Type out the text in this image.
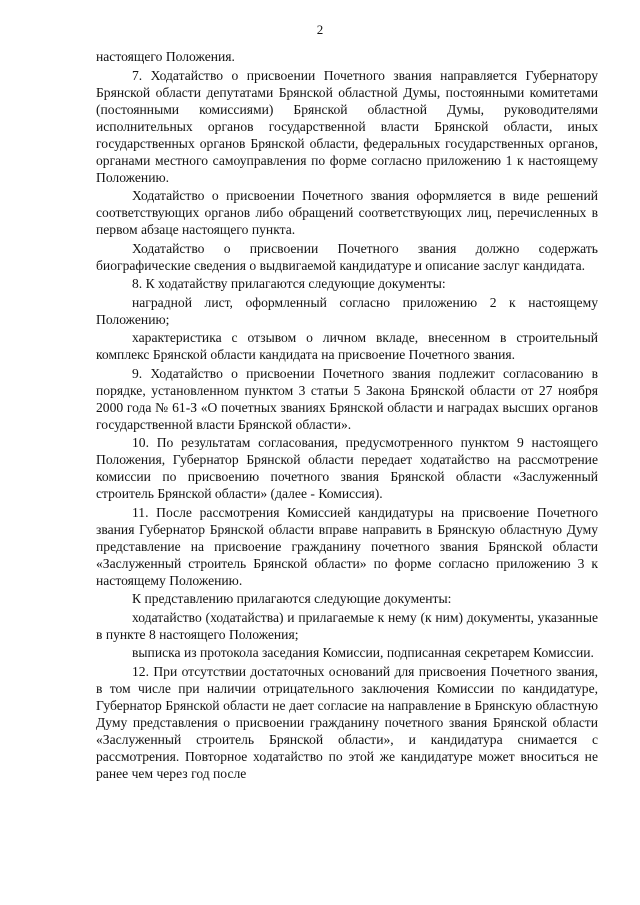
2

настоящего Положения.

7. Ходатайство о присвоении Почетного звания направляется Губернатору Брянской области депутатами Брянской областной Думы, постоянными комитетами (постоянными комиссиями) Брянской областной Думы, руководителями исполнительных органов государственной власти Брянской области, иных государственных органов Брянской области, федеральных государственных органов, органами местного самоуправления по форме согласно приложению 1 к настоящему Положению.

Ходатайство о присвоении Почетного звания оформляется в виде решений соответствующих органов либо обращений соответствующих лиц, перечисленных в первом абзаце настоящего пункта.

Ходатайство о присвоении Почетного звания должно содержать биографические сведения о выдвигаемой кандидатуре и описание заслуг кандидата.

8. К ходатайству прилагаются следующие документы:

наградной лист, оформленный согласно приложению 2 к настоящему Положению;

характеристика с отзывом о личном вкладе, внесенном в строительный комплекс Брянской области кандидата на присвоение Почетного звания.

9. Ходатайство о присвоении Почетного звания подлежит согласованию в порядке, установленном пунктом 3 статьи 5 Закона Брянской области от 27 ноября 2000 года № 61-З «О почетных званиях Брянской области и наградах высших органов государственной власти Брянской области».

10. По результатам согласования, предусмотренного пунктом 9 настоящего Положения, Губернатор Брянской области передает ходатайство на рассмотрение комиссии по присвоению почетного звания Брянской области «Заслуженный строитель Брянской области» (далее - Комиссия).

11. После рассмотрения Комиссией кандидатуры на присвоение Почетного звания Губернатор Брянской области вправе направить в Брянскую областную Думу представление на присвоение гражданину почетного звания Брянской области «Заслуженный строитель Брянской области» по форме согласно приложению 3 к настоящему Положению.

К представлению прилагаются следующие документы:

ходатайство (ходатайства) и прилагаемые к нему (к ним) документы, указанные в пункте 8 настоящего Положения;

выписка из протокола заседания Комиссии, подписанная секретарем Комиссии.

12. При отсутствии достаточных оснований для присвоения Почетного звания, в том числе при наличии отрицательного заключения Комиссии по кандидатуре, Губернатор Брянской области не дает согласие на направление в Брянскую областную Думу представления о присвоении гражданину почетного звания Брянской области «Заслуженный строитель Брянской области», и кандидатура снимается с рассмотрения. Повторное ходатайство по этой же кандидатуре может вноситься не ранее чем через год после
